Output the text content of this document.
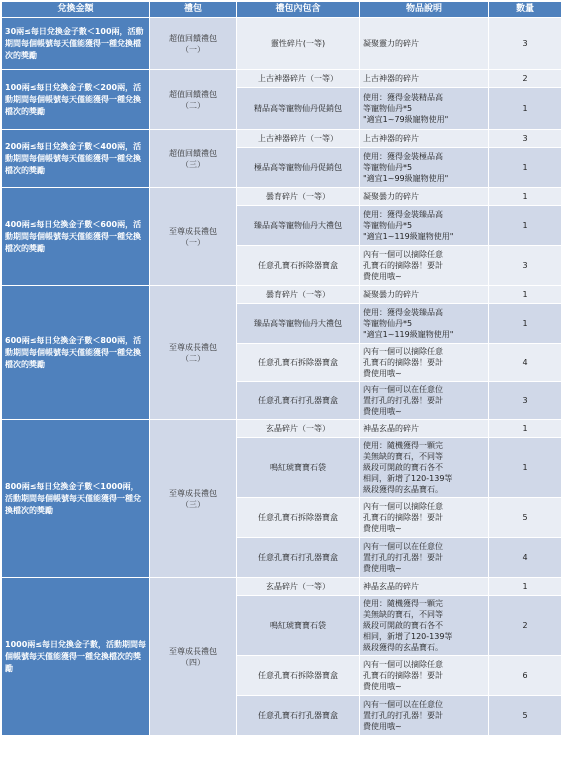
兌換金額	禮包	禮包內包含	物品說明	數量
30兩≤每日兌換金子數＜100兩，活動期間每個帳號每天僅能獲得一種兌換檔次的獎勵	超值回饋禮包
（一）	靈性碎片(一等)	凝聚靈力的碎片	3
100兩≤每日兌換金子數＜200兩，活動期間每個帳號每天僅能獲得一種兌換檔次的獎勵	超值回饋禮包
（二）	上古神器碎片（一等）	上古神器的碎片	2
		精品高等寵物仙丹促銷包	使用：獲得金裝精品高
等寵物仙丹*5
"適宜1~79級寵物使用"	1
200兩≤每日兌換金子數＜400兩，活動期間每個帳號每天僅能獲得一種兌換檔次的獎勵	超值回饋禮包
（三）	上古神器碎片（一等）	上古神器的碎片	3
		極品高等寵物仙丹促銷包	使用：獲得金裝極品高
等寵物仙丹*5
"適宜1~99級寵物使用"	1
400兩≤每日兌換金子數＜600兩，活動期間每個帳號每天僅能獲得一種兌換檔次的獎勵	至尊成長禮包
（一）	曇育碎片（一等）	凝聚曇力的碎片	1
		臻品高等寵物仙丹大禮包	使用：獲得金裝臻品高
等寵物仙丹*5
"適宜1~119級寵物使用"	1
		任意孔寶石拆除器寶盒	內有一個可以摘除任意
孔寶石的摘除器！要計
費使用哦~	3
600兩≤每日兌換金子數＜800兩，活動期間每個帳號每天僅能獲得一種兌換檔次的獎勵	至尊成長禮包
（二）	曇育碎片（一等）	凝聚曇力的碎片	1
		臻品高等寵物仙丹大禮包	使用：獲得金裝臻品高
等寵物仙丹*5
"適宜1~119級寵物使用"	1
		任意孔寶石拆除器寶盒	內有一個可以摘除任意
孔寶石的摘除器！要計
費使用哦~	4
		任意孔寶石打孔器寶盒	內有一個可以在任意位
置打孔的打孔器！要計
費使用哦~	3
800兩≤每日兌換金子數＜1000兩，活動期間每個帳號每天僅能獲得一種兌換檔次的獎勵	至尊成長禮包
（三）	玄晶碎片（一等）	神晶玄晶的碎片	1
		鳴紅琥寶寶石袋	使用：隨機獲得一顆完
美無缺的寶石，不同等
級段可開啟的寶石各不
相同，新增了120-139等
級段獲得的玄晶寶石。	1
		任意孔寶石拆除器寶盒	內有一個可以摘除任意
孔寶石的摘除器！要計
費使用哦~	5
		任意孔寶石打孔器寶盒	內有一個可以在任意位
置打孔的打孔器！要計
費使用哦~	4
1000兩≤每日兌換金子數，活動期間每個帳號每天僅能獲得一種兌換檔次的獎勵	至尊成長禮包
（四）	玄晶碎片（一等）	神晶玄晶的碎片	1
		鳴紅琥寶寶石袋	使用：隨機獲得一顆完
美無缺的寶石，不同等
級段可開啟的寶石各不
相同，新增了120-139等
級段獲得的玄晶寶石。	2
		任意孔寶石拆除器寶盒	內有一個可以摘除任意
孔寶石的摘除器！要計
費使用哦~	6
		任意孔寶石打孔器寶盒	內有一個可以在任意位
置打孔的打孔器！要計
費使用哦~	5
